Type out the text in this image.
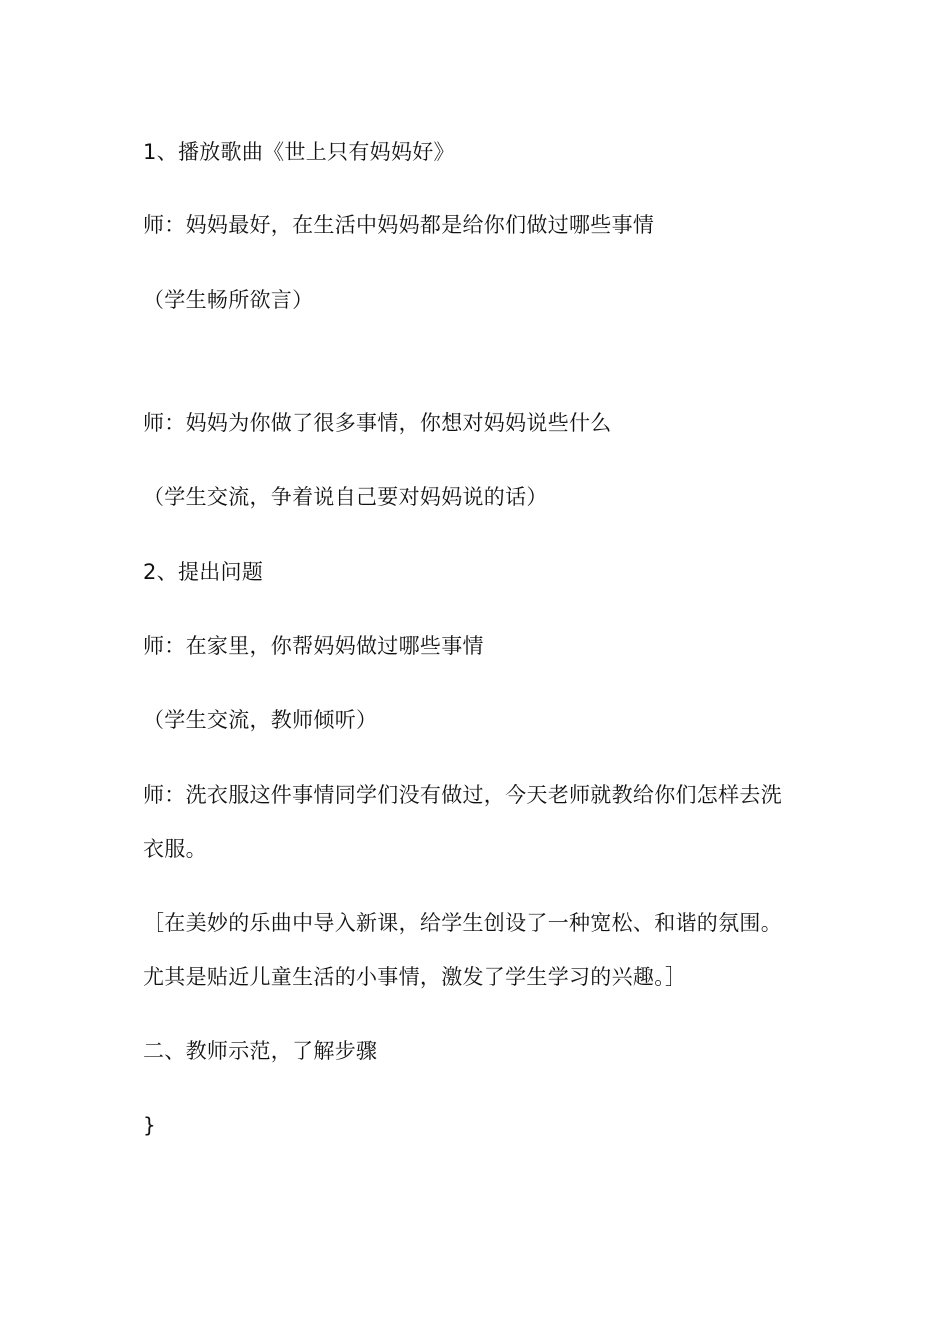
1、播放歌曲《世上只有妈妈好》
师：妈妈最好，在生活中妈妈都是给你们做过哪些事情
（学生畅所欲言）
师：妈妈为你做了很多事情，你想对妈妈说些什么
（学生交流，争着说自己要对妈妈说的话）
2、提出问题
师：在家里，你帮妈妈做过哪些事情
（学生交流，教师倾听）
师：洗衣服这件事情同学们没有做过，今天老师就教给你们怎样去洗
衣服。
［在美妙的乐曲中导入新课，给学生创设了一种宽松、和谐的氛围。
尤其是贴近儿童生活的小事情，激发了学生学习的兴趣。］
二、教师示范，了解步骤
}
